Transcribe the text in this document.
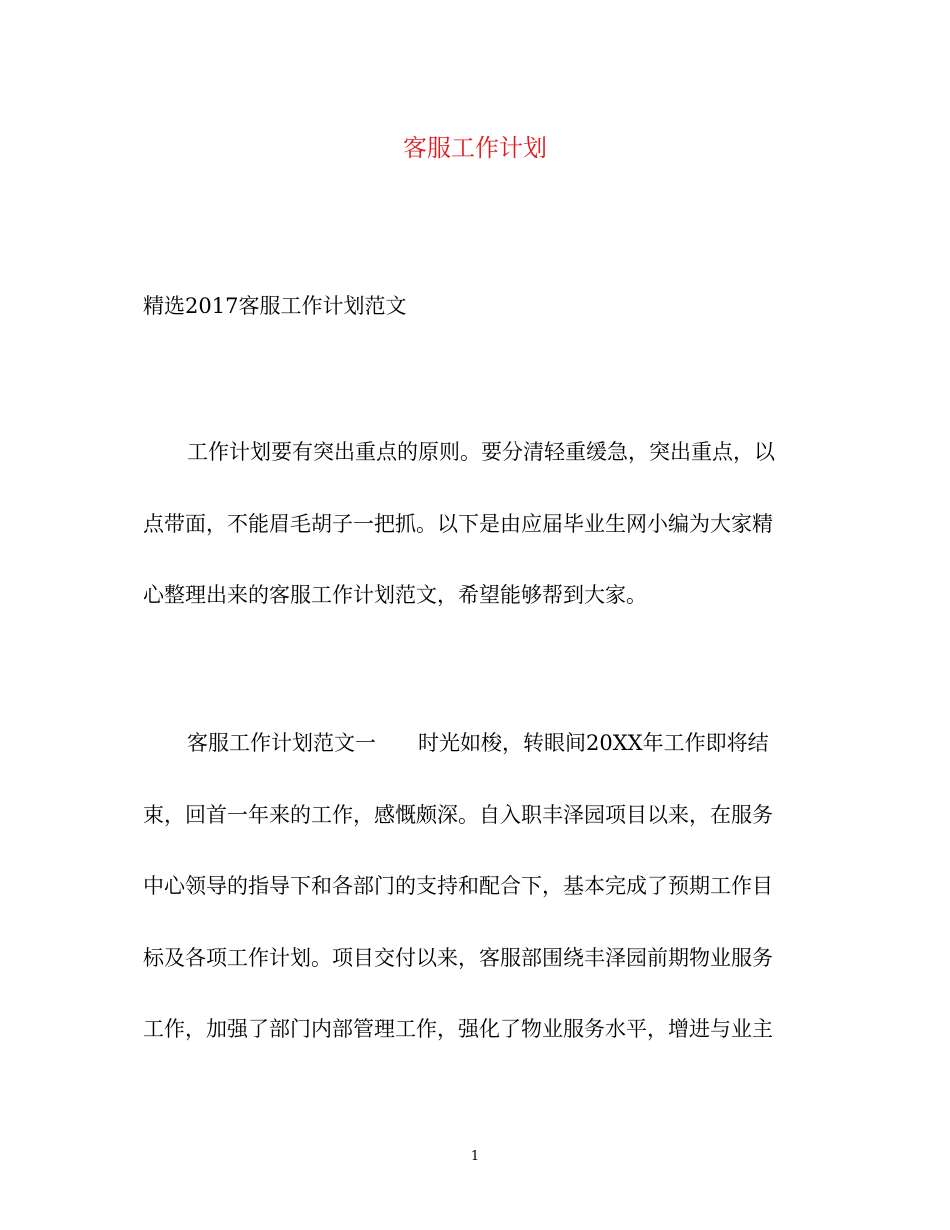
客服工作计划

精选2017客服工作计划范文

工作计划要有突出重点的原则。要分清轻重缓急，突出重点，以
点带面，不能眉毛胡子一把抓。以下是由应届毕业生网小编为大家精
心整理出来的客服工作计划范文，希望能够帮到大家。
客服工作计划范文一 时光如梭，转眼间20XX年工作即将结
束，回首一年来的工作，感慨颇深。自入职丰泽园项目以来，在服务
中心领导的指导下和各部门的支持和配合下，基本完成了预期工作目
标及各项工作计划。项目交付以来，客服部围绕丰泽园前期物业服务
工作，加强了部门内部管理工作，强化了物业服务水平，增进与业主
1
